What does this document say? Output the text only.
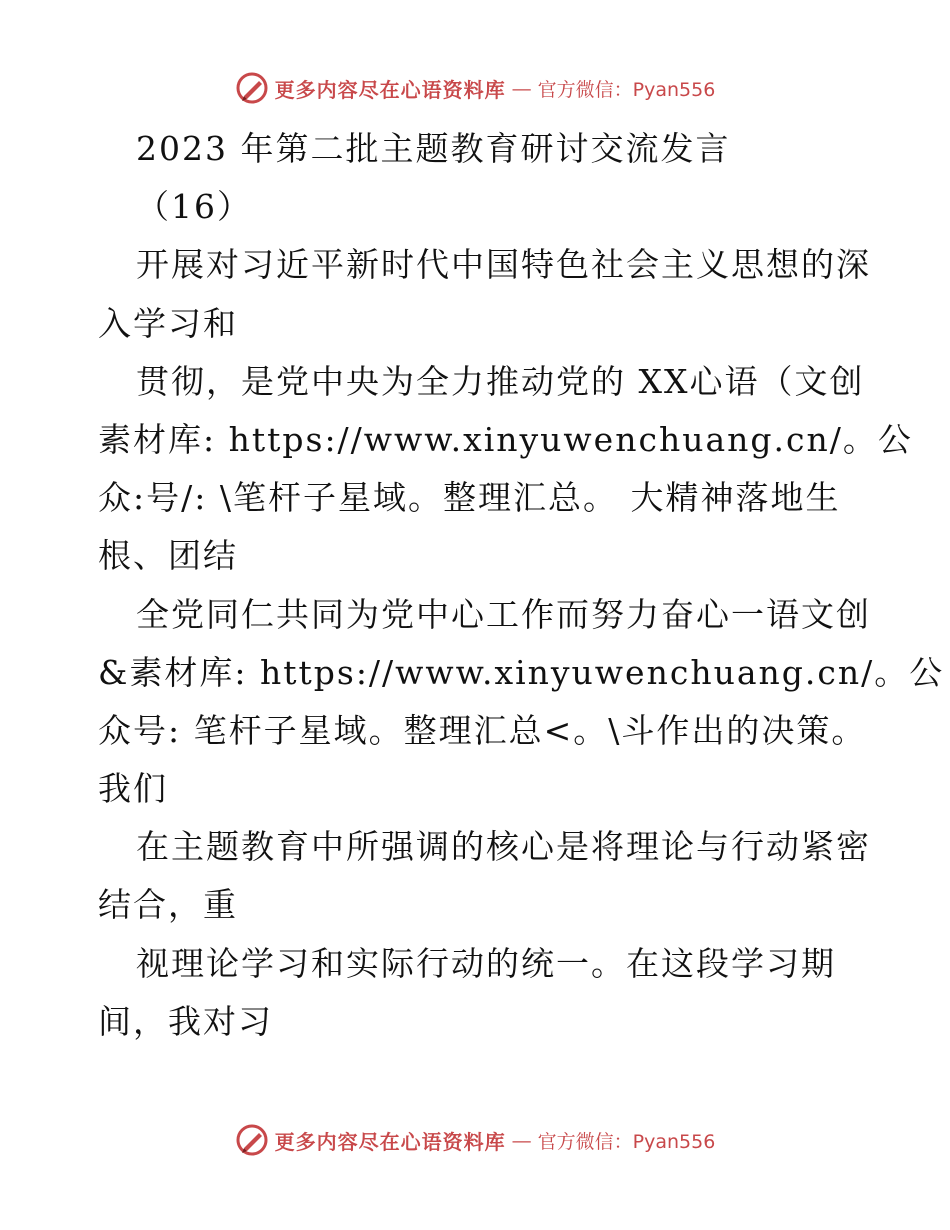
更多内容尽在心语资料库 — 官方微信：Pyan556
2023 年第二批主题教育研讨交流发言
（16）
开展对习近平新时代中国特色社会主义思想的深
入学习和
贯彻，是党中央为全力推动党的 XX心语（文创
素材库: https://www.xinyuwenchuang.cn/。公
众:号/: \笔杆子星域。整理汇总。 大精神落地生
根、团结
全党同仁共同为党中心工作而努力奋心一语文创
&素材库: https://www.xinyuwenchuang.cn/。公
众号: 笔杆子星域。整理汇总<。\斗作出的决策。
我们
在主题教育中所强调的核心是将理论与行动紧密
结合，重
视理论学习和实际行动的统一。在这段学习期
间，我对习
更多内容尽在心语资料库 — 官方微信：Pyan556
